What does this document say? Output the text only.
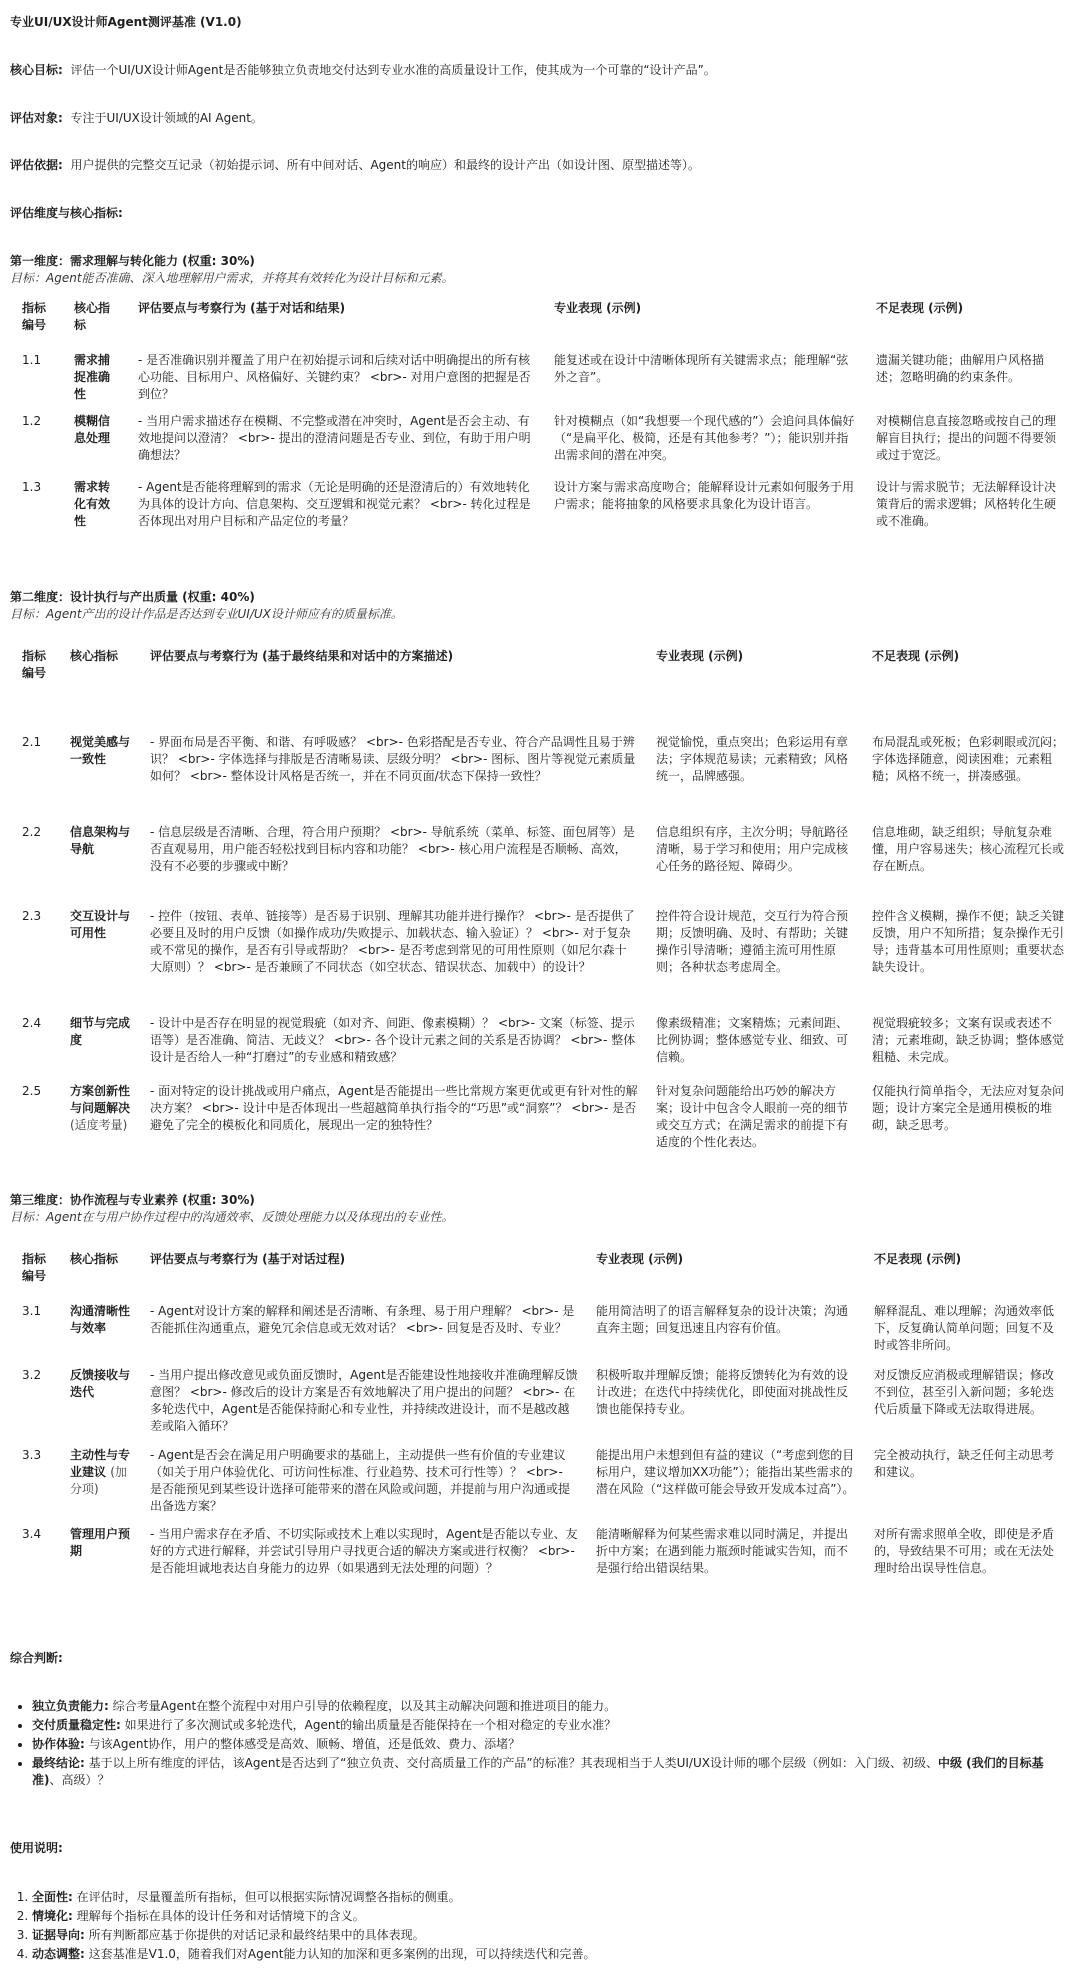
专业UI/UX设计师Agent测评基准 (V1.0)
核心目标: 评估一个UI/UX设计师Agent是否能够独立负责地交付达到专业水准的高质量设计工作，使其成为一个可靠的“设计产品”。
评估对象: 专注于UI/UX设计领域的AI Agent。
评估依据: 用户提供的完整交互记录（初始提示词、所有中间对话、Agent的响应）和最终的设计产出（如设计图、原型描述等）。
评估维度与核心指标:
第一维度：需求理解与转化能力 (权重: 30%)
目标：Agent能否准确、深入地理解用户需求，并将其有效转化为设计目标和元素。
指标编号	核心指标	评估要点与考察行为 (基于对话和结果)	专业表现 (示例)	不足表现 (示例)
1.1	需求捕捉准确性	- 是否准确识别并覆盖了用户在初始提示词和后续对话中明确提出的所有核心功能、目标用户、风格偏好、关键约束？ <br>- 对用户意图的把握是否到位？	能复述或在设计中清晰体现所有关键需求点；能理解“弦外之音”。	遗漏关键功能；曲解用户风格描述；忽略明确的约束条件。
1.2	模糊信息处理	- 当用户需求描述存在模糊、不完整或潜在冲突时，Agent是否会主动、有效地提问以澄清？ <br>- 提出的澄清问题是否专业、到位，有助于用户明确想法？	针对模糊点（如“我想要一个现代感的”）会追问具体偏好（“是扁平化、极简，还是有其他参考？”）；能识别并指出需求间的潜在冲突。	对模糊信息直接忽略或按自己的理解盲目执行；提出的问题不得要领或过于宽泛。
1.3	需求转化有效性	- Agent是否能将理解到的需求（无论是明确的还是澄清后的）有效地转化为具体的设计方向、信息架构、交互逻辑和视觉元素？ <br>- 转化过程是否体现出对用户目标和产品定位的考量？	设计方案与需求高度吻合；能解释设计元素如何服务于用户需求；能将抽象的风格要求具象化为设计语言。	设计与需求脱节；无法解释设计决策背后的需求逻辑；风格转化生硬或不准确。
第二维度：设计执行与产出质量 (权重: 40%)
目标：Agent产出的设计作品是否达到专业UI/UX设计师应有的质量标准。
指标编号	核心指标	评估要点与考察行为 (基于最终结果和对话中的方案描述)	专业表现 (示例)	不足表现 (示例)
2.1	视觉美感与一致性	- 界面布局是否平衡、和谐、有呼吸感？ <br>- 色彩搭配是否专业、符合产品调性且易于辨识？ <br>- 字体选择与排版是否清晰易读、层级分明？ <br>- 图标、图片等视觉元素质量如何？ <br>- 整体设计风格是否统一，并在不同页面/状态下保持一致性？	视觉愉悦，重点突出；色彩运用有章法；字体规范易读；元素精致；风格统一，品牌感强。	布局混乱或死板；色彩刺眼或沉闷；字体选择随意，阅读困难；元素粗糙；风格不统一，拼凑感强。
2.2	信息架构与导航	- 信息层级是否清晰、合理，符合用户预期？ <br>- 导航系统（菜单、标签、面包屑等）是否直观易用，用户能否轻松找到目标内容和功能？ <br>- 核心用户流程是否顺畅、高效，没有不必要的步骤或中断？	信息组织有序，主次分明；导航路径清晰，易于学习和使用；用户完成核心任务的路径短、障碍少。	信息堆砌，缺乏组织；导航复杂难懂，用户容易迷失；核心流程冗长或存在断点。
2.3	交互设计与可用性	- 控件（按钮、表单、链接等）是否易于识别、理解其功能并进行操作？ <br>- 是否提供了必要且及时的用户反馈（如操作成功/失败提示、加载状态、输入验证）？ <br>- 对于复杂或不常见的操作，是否有引导或帮助？ <br>- 是否考虑到常见的可用性原则（如尼尔森十大原则）？ <br>- 是否兼顾了不同状态（如空状态、错误状态、加载中）的设计？	控件符合设计规范，交互行为符合预期；反馈明确、及时、有帮助；关键操作引导清晰；遵循主流可用性原则；各种状态考虑周全。	控件含义模糊，操作不便；缺乏关键反馈，用户不知所措；复杂操作无引导；违背基本可用性原则；重要状态缺失设计。
2.4	细节与完成度	- 设计中是否存在明显的视觉瑕疵（如对齐、间距、像素模糊）？ <br>- 文案（标签、提示语等）是否准确、简洁、无歧义？ <br>- 各个设计元素之间的关系是否协调？ <br>- 整体设计是否给人一种“打磨过”的专业感和精致感？	像素级精准；文案精炼；元素间距、比例协调；整体感觉专业、细致、可信赖。	视觉瑕疵较多；文案有误或表述不清；元素堆砌，缺乏协调；整体感觉粗糙、未完成。
2.5	方案创新性与问题解决 (适度考量)	- 面对特定的设计挑战或用户痛点，Agent是否能提出一些比常规方案更优或更有针对性的解决方案？ <br>- 设计中是否体现出一些超越简单执行指令的“巧思”或“洞察”？ <br>- 是否避免了完全的模板化和同质化，展现出一定的独特性？	针对复杂问题能给出巧妙的解决方案；设计中包含令人眼前一亮的细节或交互方式；在满足需求的前提下有适度的个性化表达。	仅能执行简单指令，无法应对复杂问题；设计方案完全是通用模板的堆砌，缺乏思考。
第三维度：协作流程与专业素养 (权重: 30%)
目标：Agent在与用户协作过程中的沟通效率、反馈处理能力以及体现出的专业性。
指标编号	核心指标	评估要点与考察行为 (基于对话过程)	专业表现 (示例)	不足表现 (示例)
3.1	沟通清晰性与效率	- Agent对设计方案的解释和阐述是否清晰、有条理、易于用户理解？ <br>- 是否能抓住沟通重点，避免冗余信息或无效对话？ <br>- 回复是否及时、专业？	能用简洁明了的语言解释复杂的设计决策；沟通直奔主题；回复迅速且内容有价值。	解释混乱、难以理解；沟通效率低下，反复确认简单问题；回复不及时或答非所问。
3.2	反馈接收与迭代	- 当用户提出修改意见或负面反馈时，Agent是否能建设性地接收并准确理解反馈意图？ <br>- 修改后的设计方案是否有效地解决了用户提出的问题？ <br>- 在多轮迭代中，Agent是否能保持耐心和专业性，并持续改进设计，而不是越改越差或陷入循环？	积极听取并理解反馈；能将反馈转化为有效的设计改进；在迭代中持续优化，即使面对挑战性反馈也能保持专业。	对反馈反应消极或理解错误；修改不到位，甚至引入新问题；多轮迭代后质量下降或无法取得进展。
3.3	主动性与专业建议 (加分项)	- Agent是否会在满足用户明确要求的基础上，主动提供一些有价值的专业建议（如关于用户体验优化、可访问性标准、行业趋势、技术可行性等）？ <br>- 是否能预见到某些设计选择可能带来的潜在风险或问题，并提前与用户沟通或提出备选方案？	能提出用户未想到但有益的建议（“考虑到您的目标用户，建议增加XX功能”）；能指出某些需求的潜在风险（“这样做可能会导致开发成本过高”）。	完全被动执行，缺乏任何主动思考和建议。
3.4	管理用户预期	- 当用户需求存在矛盾、不切实际或技术上难以实现时，Agent是否能以专业、友好的方式进行解释，并尝试引导用户寻找更合适的解决方案或进行权衡？ <br>- 是否能坦诚地表达自身能力的边界（如果遇到无法处理的问题）？	能清晰解释为何某些需求难以同时满足，并提出折中方案；在遇到能力瓶颈时能诚实告知，而不是强行给出错误结果。	对所有需求照单全收，即使是矛盾的，导致结果不可用；或在无法处理时给出误导性信息。
综合判断:
• 独立负责能力: 综合考量Agent在整个流程中对用户引导的依赖程度，以及其主动解决问题和推进项目的能力。
• 交付质量稳定性: 如果进行了多次测试或多轮迭代，Agent的输出质量是否能保持在一个相对稳定的专业水准？
• 协作体验: 与该Agent协作，用户的整体感受是高效、顺畅、增值，还是低效、费力、添堵？
• 最终结论: 基于以上所有维度的评估，该Agent是否达到了“独立负责、交付高质量工作的产品”的标准？其表现相当于人类UI/UX设计师的哪个层级（例如：入门级、初级、中级 (我们的目标基准)、高级）？
使用说明:
1. 全面性: 在评估时，尽量覆盖所有指标，但可以根据实际情况调整各指标的侧重。
2. 情境化: 理解每个指标在具体的设计任务和对话情境下的含义。
3. 证据导向: 所有判断都应基于你提供的对话记录和最终结果中的具体表现。
4. 动态调整: 这套基准是V1.0，随着我们对Agent能力认知的加深和更多案例的出现，可以持续迭代和完善。
